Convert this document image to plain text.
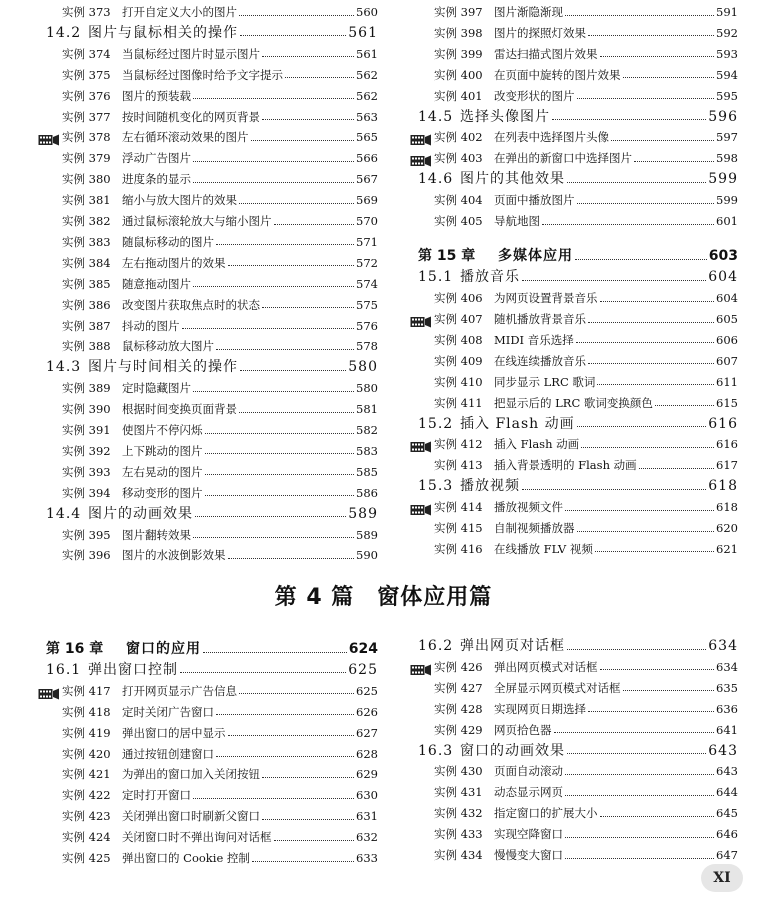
实例 373 打开自定义大小的图片	560
14.2 图片与鼠标相关的操作	561
实例 374 当鼠标经过图片时显示图片	561
实例 375 当鼠标经过图像时给予文字提示	562
实例 376 图片的预装载	562
实例 377 按时间随机变化的网页背景	563
实例 378 左右循环滚动效果的图片	565
实例 379 浮动广告图片	566
实例 380 进度条的显示	567
实例 381 缩小与放大图片的效果	569
实例 382 通过鼠标滚轮放大与缩小图片	570
实例 383 随鼠标移动的图片	571
实例 384 左右拖动图片的效果	572
实例 385 随意拖动图片	574
实例 386 改变图片获取焦点时的状态	575
实例 387 抖动的图片	576
实例 388 鼠标移动放大图片	578
14.3 图片与时间相关的操作	580
实例 389 定时隐藏图片	580
实例 390 根据时间变换页面背景	581
实例 391 使图片不停闪烁	582
实例 392 上下跳动的图片	583
实例 393 左右晃动的图片	585
实例 394 移动变形的图片	586
14.4 图片的动画效果	589
实例 395 图片翻转效果	589
实例 396 图片的水波倒影效果	590
实例 397 图片渐隐渐现	591
实例 398 图片的探照灯效果	592
实例 399 雷达扫描式图片效果	593
实例 400 在页面中旋转的图片效果	594
实例 401 改变形状的图片	595
14.5 选择头像图片	596
实例 402 在列表中选择图片头像	597
实例 403 在弹出的新窗口中选择图片	598
14.6 图片的其他效果	599
实例 404 页面中播放图片	599
实例 405 导航地图	601
第 15 章	多媒体应用	603
15.1 播放音乐	604
实例 406 为网页设置背景音乐	604
实例 407 随机播放背景音乐	605
实例 408 MIDI 音乐选择	606
实例 409 在线连续播放音乐	607
实例 410 同步显示 LRC 歌词	611
实例 411 把显示后的 LRC 歌词变换颜色	615
15.2 插入 Flash 动画	616
实例 412 插入 Flash 动画	616
实例 413 插入背景透明的 Flash 动画	617
15.3 播放视频	618
实例 414 播放视频文件	618
实例 415 自制视频播放器	620
实例 416 在线播放 FLV 视频	621
第 4 篇　窗体应用篇
第 16 章	窗口的应用	624
16.1 弹出窗口控制	625
实例 417 打开网页显示广告信息	625
实例 418 定时关闭广告窗口	626
实例 419 弹出窗口的居中显示	627
实例 420 通过按钮创建窗口	628
实例 421 为弹出的窗口加入关闭按钮	629
实例 422 定时打开窗口	630
实例 423 关闭弹出窗口时刷新父窗口	631
实例 424 关闭窗口时不弹出询问对话框	632
实例 425 弹出窗口的 Cookie 控制	633
16.2 弹出网页对话框	634
实例 426 弹出网页模式对话框	634
实例 427 全屏显示网页模式对话框	635
实例 428 实现网页日期选择	636
实例 429 网页拾色器	641
16.3 窗口的动画效果	643
实例 430 页面自动滚动	643
实例 431 动态显示网页	644
实例 432 指定窗口的扩展大小	645
实例 433 实现空降窗口	646
实例 434 慢慢变大窗口	647
XI
